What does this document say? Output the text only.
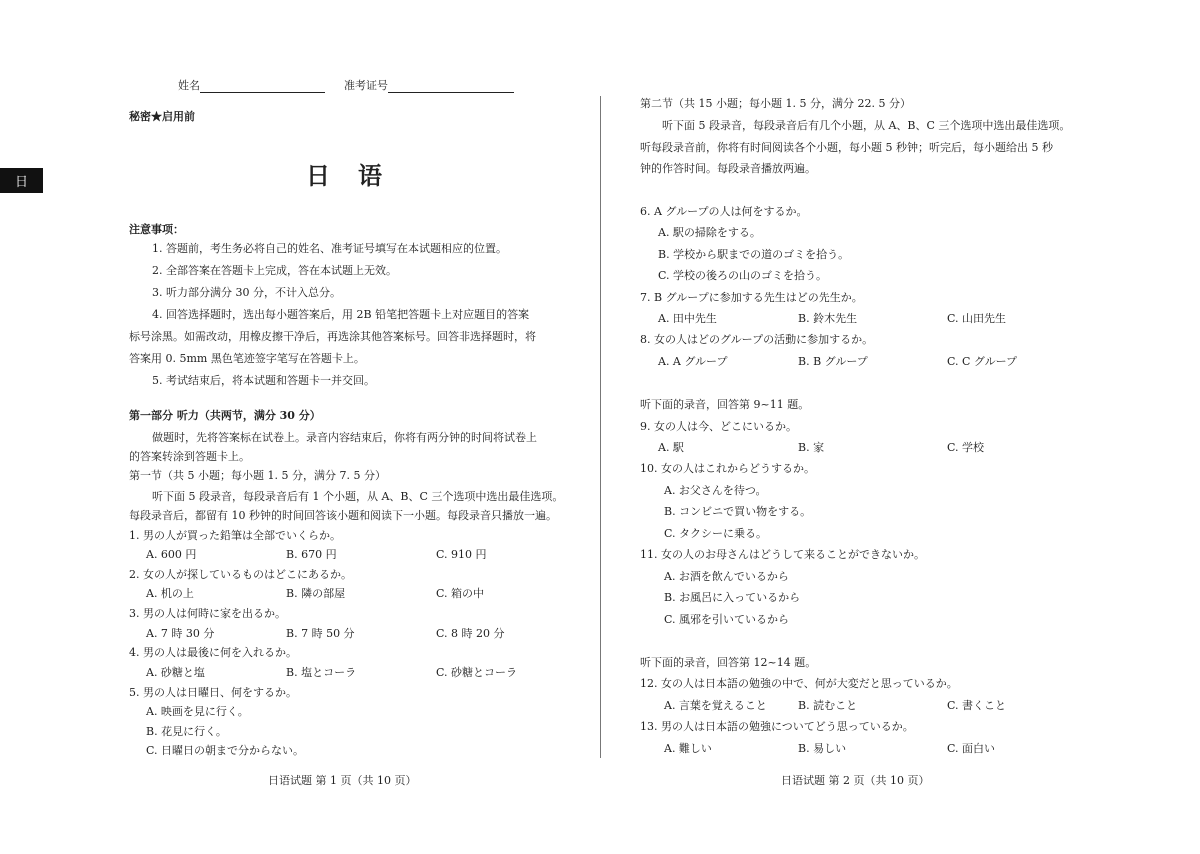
日
姓名	准考证号
秘密★启用前
日语
注意事项：
1. 答题前，考生务必将自己的姓名、准考证号填写在本试题相应的位置。
2. 全部答案在答题卡上完成，答在本试题上无效。
3. 听力部分满分 30 分，不计入总分。
4. 回答选择题时，选出每小题答案后，用 2B 铅笔把答题卡上对应题目的答案
标号涂黑。如需改动，用橡皮擦干净后，再选涂其他答案标号。回答非选择题时，将
答案用 0. 5mm 黑色笔迹签字笔写在答题卡上。
5. 考试结束后，将本试题和答题卡一并交回。
第一部分 听力（共两节，满分 30 分）
做题时，先将答案标在试卷上。录音内容结束后，你将有两分钟的时间将试卷上
的答案转涂到答题卡上。
第一节（共 5 小题；每小题 1. 5 分，满分 7. 5 分）
听下面 5 段录音，每段录音后有 1 个小题，从 A、B、C 三个选项中选出最佳选项。
每段录音后，都留有 10 秒钟的时间回答该小题和阅读下一小题。每段录音只播放一遍。
1. 男の人が買った鉛筆は全部でいくらか。
A. 600 円	B. 670 円	C. 910 円
2. 女の人が探しているものはどこにあるか。
A. 机の上	B. 隣の部屋	C. 箱の中
3. 男の人は何時に家を出るか。
A. 7 時 30 分	B. 7 時 50 分	C. 8 時 20 分
4. 男の人は最後に何を入れるか。
A. 砂糖と塩	B. 塩とコーラ	C. 砂糖とコーラ
5. 男の人は日曜日、何をするか。
A. 映画を見に行く。
B. 花見に行く。
C. 日曜日の朝まで分からない。
日语试题 第 1 页（共 10 页）
第二节（共 15 小题；每小题 1. 5 分，满分 22. 5 分）
听下面 5 段录音，每段录音后有几个小题，从 A、B、C 三个选项中选出最佳选项。
听每段录音前，你将有时间阅读各个小题，每小题 5 秒钟；听完后，每小题给出 5 秒
钟的作答时间。每段录音播放两遍。
6. A グループの人は何をするか。
A. 駅の掃除をする。
B. 学校から駅までの道のゴミを拾う。
C. 学校の後ろの山のゴミを拾う。
7. B グループに参加する先生はどの先生か。
A. 田中先生	B. 鈴木先生	C. 山田先生
8. 女の人はどのグループの活動に参加するか。
A. A グループ	B. B グループ	C. C グループ
听下面的录音，回答第 9~11 题。
9. 女の人は今、どこにいるか。
A. 駅	B. 家	C. 学校
10. 女の人はこれからどうするか。
A. お父さんを待つ。
B. コンビニで買い物をする。
C. タクシーに乗る。
11. 女の人のお母さんはどうして来ることができないか。
A. お酒を飲んでいるから
B. お風呂に入っているから
C. 風邪を引いているから
听下面的录音，回答第 12~14 题。
12. 女の人は日本語の勉強の中で、何が大変だと思っているか。
A. 言葉を覚えること	B. 読むこと	C. 書くこと
13. 男の人は日本語の勉強についてどう思っているか。
A. 難しい	B. 易しい	C. 面白い
日语试题 第 2 页（共 10 页）
